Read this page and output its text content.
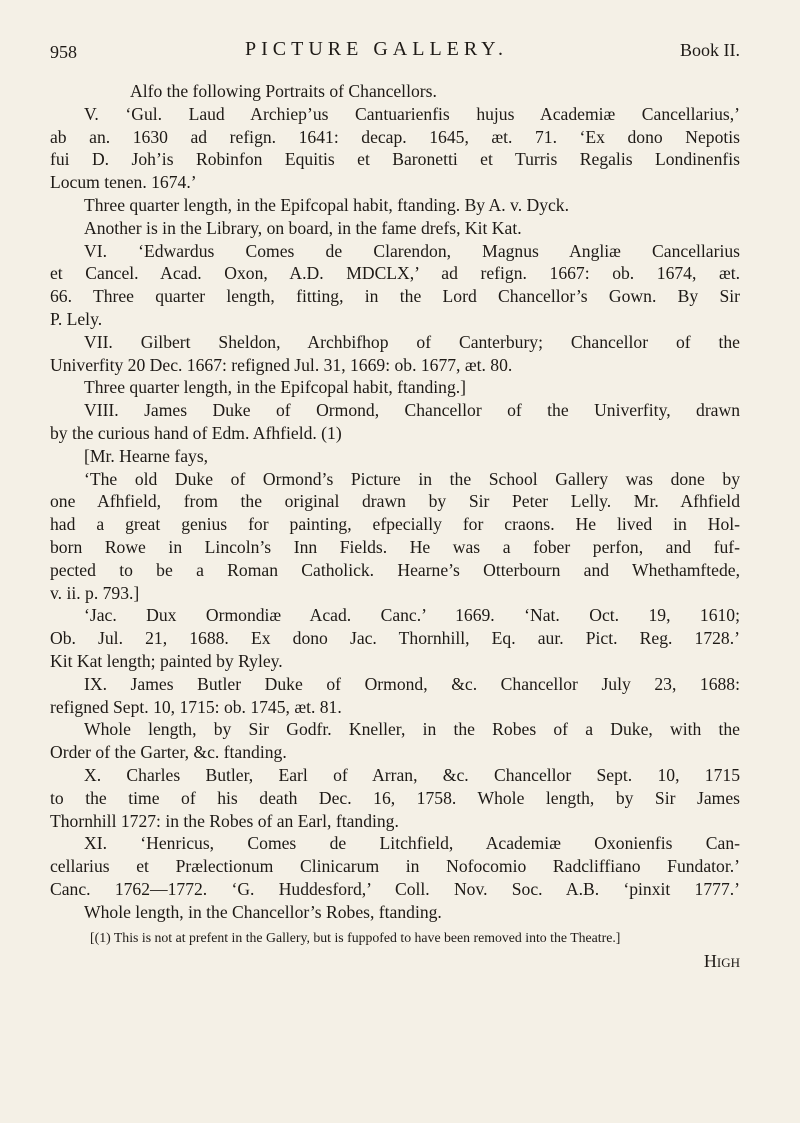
958	PICTURE GALLERY.	Book II.
Alfo the following Portraits of Chancellors.
V. ‘Gul. Laud Archiep’us Cantuarienfis hujus Academiæ Cancellarius,’
ab an. 1630 ad refign. 1641: decap. 1645, æt. 71. ‘Ex dono Nepotis
fui D. Joh’is Robinfon Equitis et Baronetti et Turris Regalis Londinenfis
Locum tenen. 1674.’
Three quarter length, in the Epifcopal habit, ftanding. By A. v. Dyck.
Another is in the Library, on board, in the fame drefs, Kit Kat.
VI. ‘Edwardus Comes de Clarendon, Magnus Angliæ Cancellarius
et Cancel. Acad. Oxon, A.D. MDCLX,’ ad refign. 1667: ob. 1674, æt.
66. Three quarter length, fitting, in the Lord Chancellor’s Gown. By Sir
P. Lely.
VII. Gilbert Sheldon, Archbifhop of Canterbury; Chancellor of the
Univerfity 20 Dec. 1667: refigned Jul. 31, 1669: ob. 1677, æt. 80.
Three quarter length, in the Epifcopal habit, ftanding.]
VIII. James Duke of Ormond, Chancellor of the Univerfity, drawn
by the curious hand of Edm. Afhfield. (1)
[Mr. Hearne fays,
‘The old Duke of Ormond’s Picture in the School Gallery was done by
one Afhfield, from the original drawn by Sir Peter Lelly. Mr. Afhfield
had a great genius for painting, efpecially for craons. He lived in Hol-
born Rowe in Lincoln’s Inn Fields. He was a fober perfon, and fuf-
pected to be a Roman Catholick. Hearne’s Otterbourn and Whethamftede,
v. ii. p. 793.]
‘Jac. Dux Ormondiæ Acad. Canc.’ 1669. ‘Nat. Oct. 19, 1610;
Ob. Jul. 21, 1688. Ex dono Jac. Thornhill, Eq. aur. Pict. Reg. 1728.’
Kit Kat length; painted by Ryley.
IX. James Butler Duke of Ormond, &c. Chancellor July 23, 1688:
refigned Sept. 10, 1715: ob. 1745, æt. 81.
Whole length, by Sir Godfr. Kneller, in the Robes of a Duke, with the
Order of the Garter, &c. ftanding.
X. Charles Butler, Earl of Arran, &c. Chancellor Sept. 10, 1715
to the time of his death Dec. 16, 1758. Whole length, by Sir James
Thornhill 1727: in the Robes of an Earl, ftanding.
XI. ‘Henricus, Comes de Litchfield, Academiæ Oxonienfis Can-
cellarius et Prælectionum Clinicarum in Nofocomio Radcliffiano Fundator.’
Canc. 1762—1772. ‘G. Huddesford,’ Coll. Nov. Soc. A.B. ‘pinxit 1777.’
Whole length, in the Chancellor’s Robes, ftanding.
[(1) This is not at prefent in the Gallery, but is fuppofed to have been removed into the Theatre.]
High
